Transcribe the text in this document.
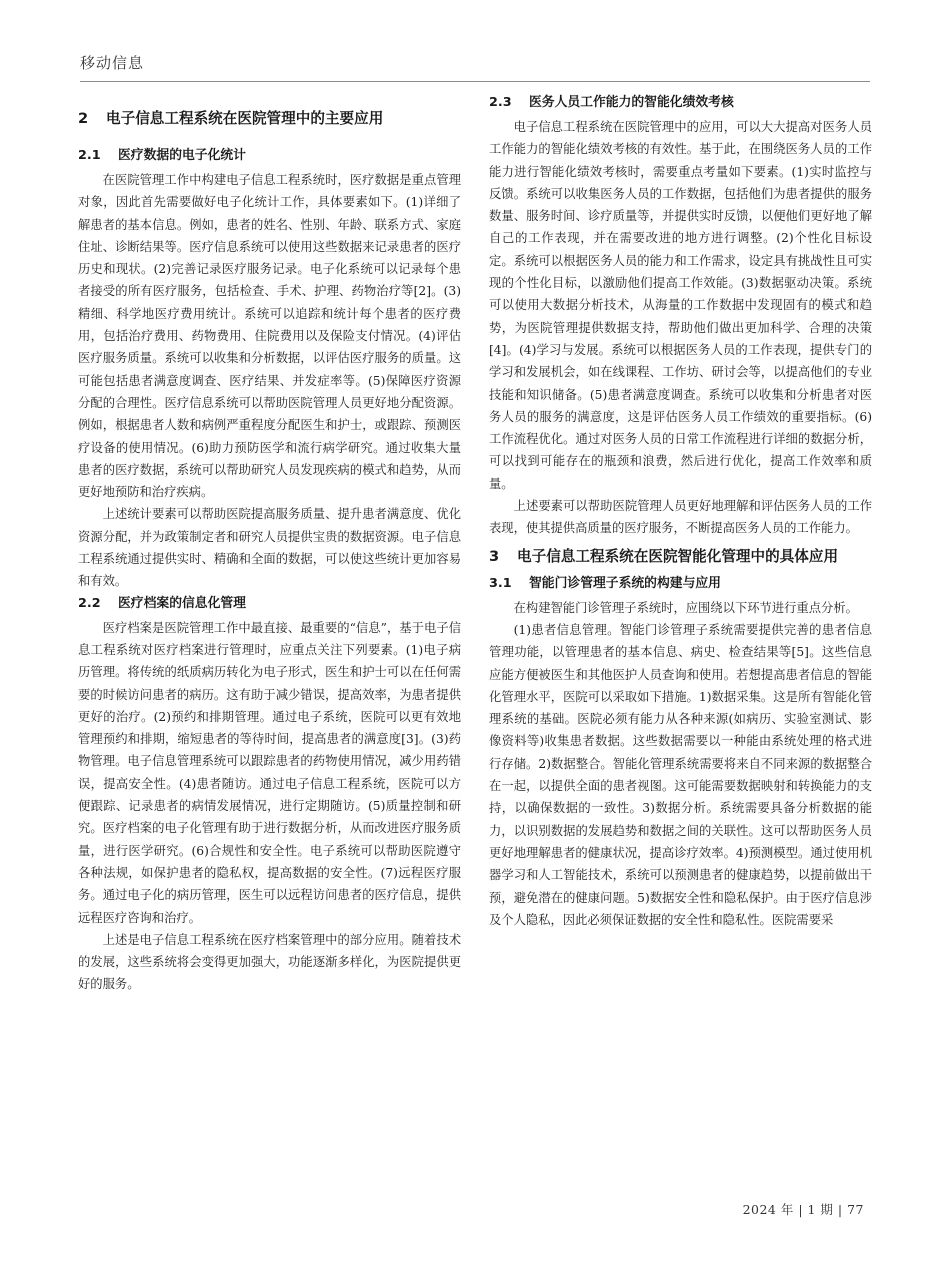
移动信息
2	电子信息工程系统在医院管理中的主要应用
2.1	医疗数据的电子化统计

在医院管理工作中构建电子信息工程系统时，医疗数据是重点管理对象，因此首先需要做好电子化统计工作，具体要素如下。(1)详细了解患者的基本信息。例如，患者的姓名、性别、年龄、联系方式、家庭住址、诊断结果等。医疗信息系统可以使用这些数据来记录患者的医疗历史和现状。(2)完善记录医疗服务记录。电子化系统可以记录每个患者接受的所有医疗服务，包括检查、手术、护理、药物治疗等[2]。(3)精细、科学地医疗费用统计。系统可以追踪和统计每个患者的医疗费用，包括治疗费用、药物费用、住院费用以及保险支付情况。(4)评估医疗服务质量。系统可以收集和分析数据，以评估医疗服务的质量。这可能包括患者满意度调查、医疗结果、并发症率等。(5)保障医疗资源分配的合理性。医疗信息系统可以帮助医院管理人员更好地分配资源。例如，根据患者人数和病例严重程度分配医生和护士，或跟踪、预测医疗设备的使用情况。(6)助力预防医学和流行病学研究。通过收集大量患者的医疗数据，系统可以帮助研究人员发现疾病的模式和趋势，从而更好地预防和治疗疾病。

上述统计要素可以帮助医院提高服务质量、提升患者满意度、优化资源分配，并为政策制定者和研究人员提供宝贵的数据资源。电子信息工程系统通过提供实时、精确和全面的数据，可以使这些统计更加容易和有效。

2.2	医疗档案的信息化管理

医疗档案是医院管理工作中最直接、最重要的“信息”，基于电子信息工程系统对医疗档案进行管理时，应重点关注下列要素。(1)电子病历管理。将传统的纸质病历转化为电子形式，医生和护士可以在任何需要的时候访问患者的病历。这有助于减少错误，提高效率，为患者提供更好的治疗。(2)预约和排期管理。通过电子系统，医院可以更有效地管理预约和排期，缩短患者的等待时间，提高患者的满意度[3]。(3)药物管理。电子信息管理系统可以跟踪患者的药物使用情况，减少用药错误，提高安全性。(4)患者随访。通过电子信息工程系统，医院可以方便跟踪、记录患者的病情发展情况，进行定期随访。(5)质量控制和研究。医疗档案的电子化管理有助于进行数据分析，从而改进医疗服务质量，进行医学研究。(6)合规性和安全性。电子系统可以帮助医院遵守各种法规，如保护患者的隐私权，提高数据的安全性。(7)远程医疗服务。通过电子化的病历管理，医生可以远程访问患者的医疗信息，提供远程医疗咨询和治疗。

上述是电子信息工程系统在医疗档案管理中的部分应用。随着技术的发展，这些系统将会变得更加强大，功能逐渐多样化，为医院提供更好的服务。

2.3	医务人员工作能力的智能化绩效考核

电子信息工程系统在医院管理中的应用，可以大大提高对医务人员工作能力的智能化绩效考核的有效性。基于此，在围绕医务人员的工作能力进行智能化绩效考核时，需要重点考量如下要素。(1)实时监控与反馈。系统可以收集医务人员的工作数据，包括他们为患者提供的服务数量、服务时间、诊疗质量等，并提供实时反馈，以便他们更好地了解自己的工作表现，并在需要改进的地方进行调整。(2)个性化目标设定。系统可以根据医务人员的能力和工作需求，设定具有挑战性且可实现的个性化目标，以激励他们提高工作效能。(3)数据驱动决策。系统可以使用大数据分析技术，从海量的工作数据中发现固有的模式和趋势，为医院管理提供数据支持，帮助他们做出更加科学、合理的决策[4]。(4)学习与发展。系统可以根据医务人员的工作表现，提供专门的学习和发展机会，如在线课程、工作坊、研讨会等，以提高他们的专业技能和知识储备。(5)患者满意度调查。系统可以收集和分析患者对医务人员的服务的满意度，这是评估医务人员工作绩效的重要指标。(6)工作流程优化。通过对医务人员的日常工作流程进行详细的数据分析，可以找到可能存在的瓶颈和浪费，然后进行优化，提高工作效率和质量。

上述要素可以帮助医院管理人员更好地理解和评估医务人员的工作表现，使其提供高质量的医疗服务，不断提高医务人员的工作能力。

3	电子信息工程系统在医院智能化管理中的具体应用
3.1	智能门诊管理子系统的构建与应用

在构建智能门诊管理子系统时，应围绕以下环节进行重点分析。

(1)患者信息管理。智能门诊管理子系统需要提供完善的患者信息管理功能，以管理患者的基本信息、病史、检查结果等[5]。这些信息应能方便被医生和其他医护人员查询和使用。若想提高患者信息的智能化管理水平，医院可以采取如下措施。1)数据采集。这是所有智能化管理系统的基础。医院必须有能力从各种来源(如病历、实验室测试、影像资料等)收集患者数据。这些数据需要以一种能由系统处理的格式进行存储。2)数据整合。智能化管理系统需要将来自不同来源的数据整合在一起，以提供全面的患者视图。这可能需要数据映射和转换能力的支持，以确保数据的一致性。3)数据分析。系统需要具备分析数据的能力，以识别数据的发展趋势和数据之间的关联性。这可以帮助医务人员更好地理解患者的健康状况，提高诊疗效率。4)预测模型。通过使用机器学习和人工智能技术，系统可以预测患者的健康趋势，以提前做出干预，避免潜在的健康问题。5)数据安全性和隐私保护。由于医疗信息涉及个人隐私，因此必须保证数据的安全性和隐私性。医院需要采

2024 年 | 1 期 | 77
